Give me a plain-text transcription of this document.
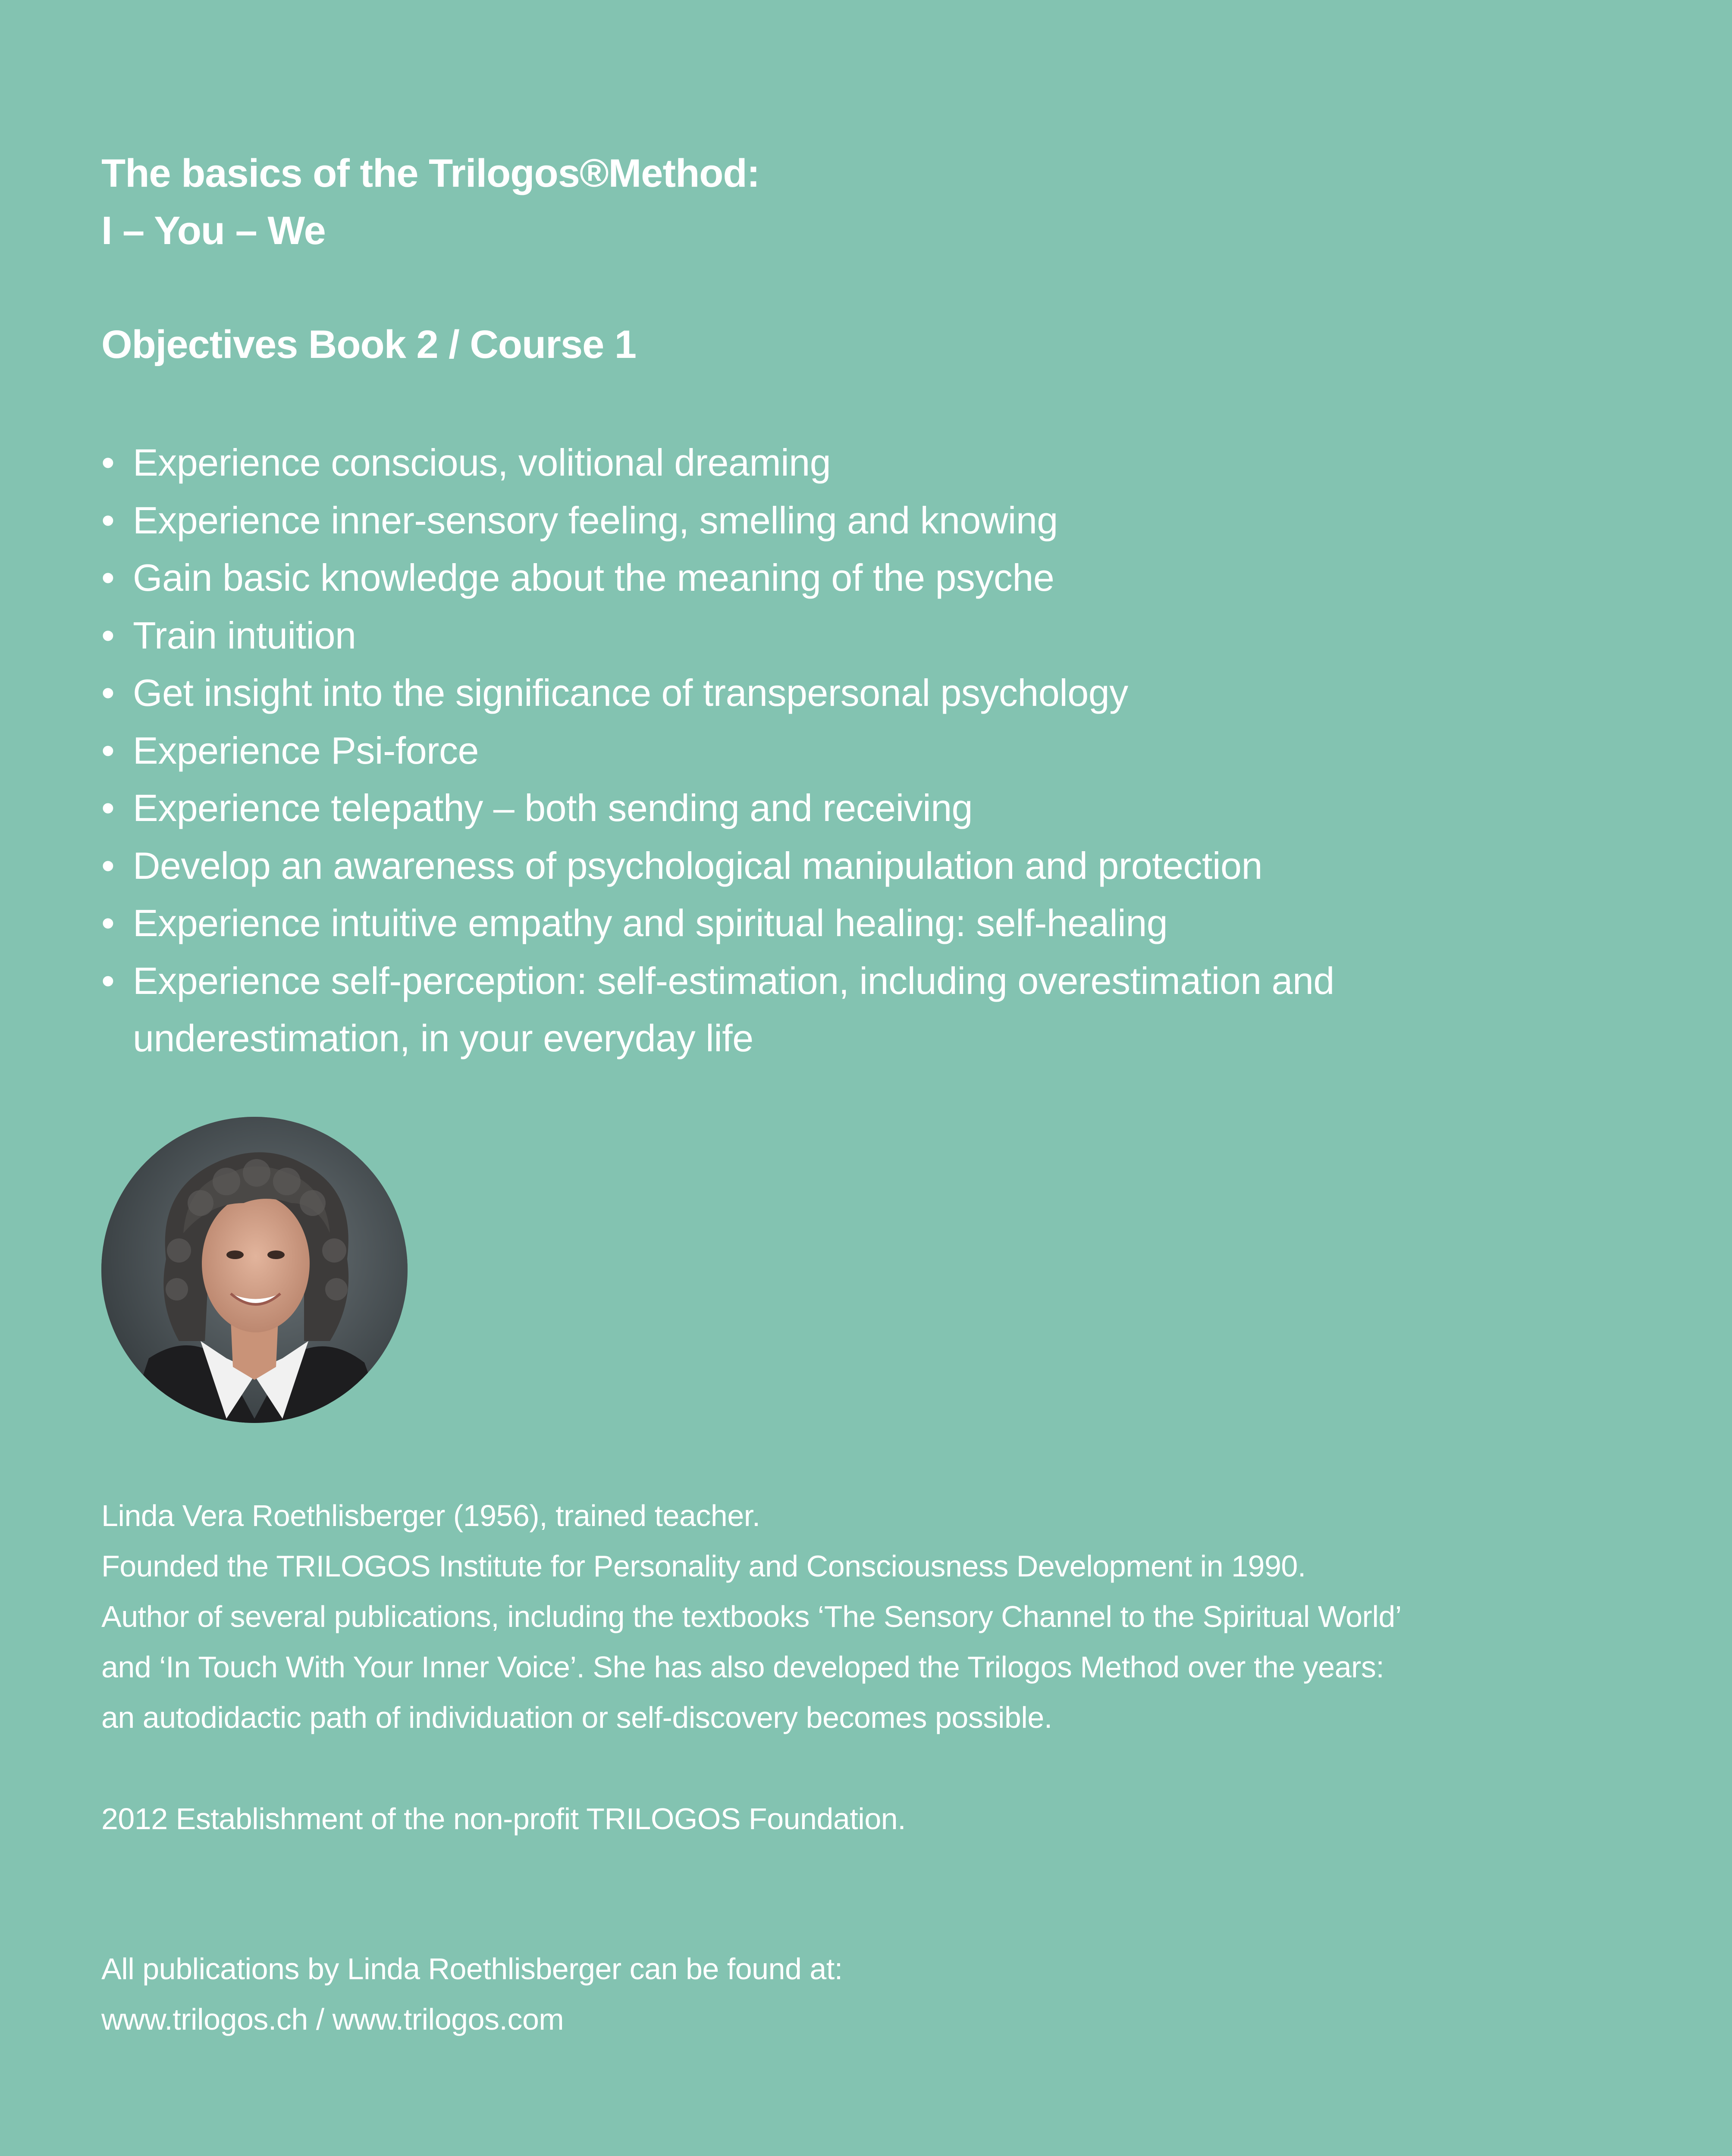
The basics of the Trilogos®Method:
I – You – We
Objectives Book 2 / Course 1
• Experience conscious, volitional dreaming
• Experience inner-sensory feeling, smelling and knowing
• Gain basic knowledge about the meaning of the psyche
• Train intuition
• Get insight into the significance of transpersonal psychology
• Experience Psi-force
• Experience telepathy – both sending and receiving
• Develop an awareness of psychological manipulation and protection
• Experience intuitive empathy and spiritual healing: self-healing
• Experience self-perception: self-estimation, including overestimation and
underestimation, in your everyday life
Linda Vera Roethlisberger (1956), trained teacher.
Founded the TRILOGOS Institute for Personality and Consciousness Development in 1990.
Author of several publications, including the textbooks ‘The Sensory Channel to the Spiritual World’
and ‘In Touch With Your Inner Voice’. She has also developed the Trilogos Method over the years:
an autodidactic path of individuation or self-discovery becomes possible.
2012 Establishment of the non-profit TRILOGOS Foundation.
All publications by Linda Roethlisberger can be found at:
www.trilogos.ch / www.trilogos.com
